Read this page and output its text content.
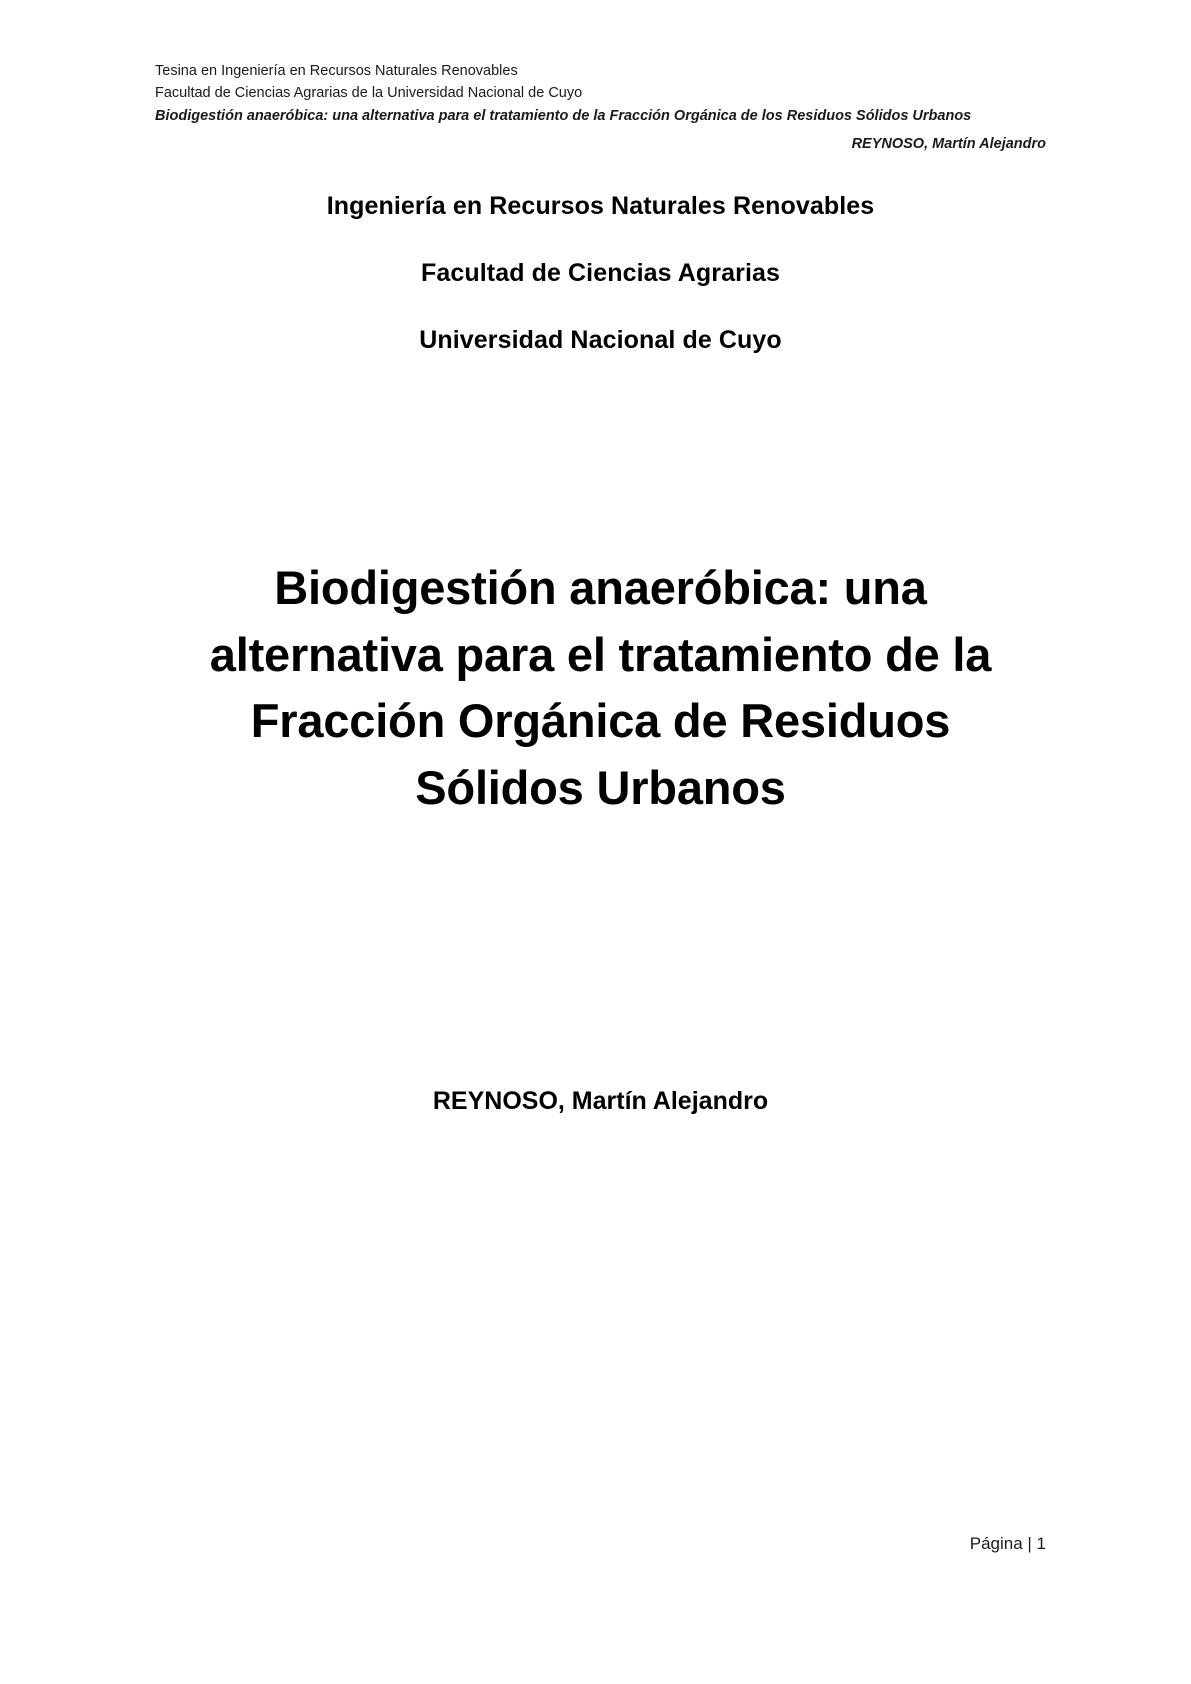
Tesina en Ingeniería en Recursos Naturales Renovables
Facultad de Ciencias Agrarias de la Universidad Nacional de Cuyo
Biodigestión anaeróbica: una alternativa para el tratamiento de la Fracción Orgánica de los Residuos Sólidos Urbanos
REYNOSO, Martín Alejandro

Ingeniería en Recursos Naturales Renovables

Facultad de Ciencias Agrarias

Universidad Nacional de Cuyo

Biodigestión anaeróbica: una alternativa para el tratamiento de la Fracción Orgánica de Residuos Sólidos Urbanos
REYNOSO, Martín Alejandro
Página | 1
